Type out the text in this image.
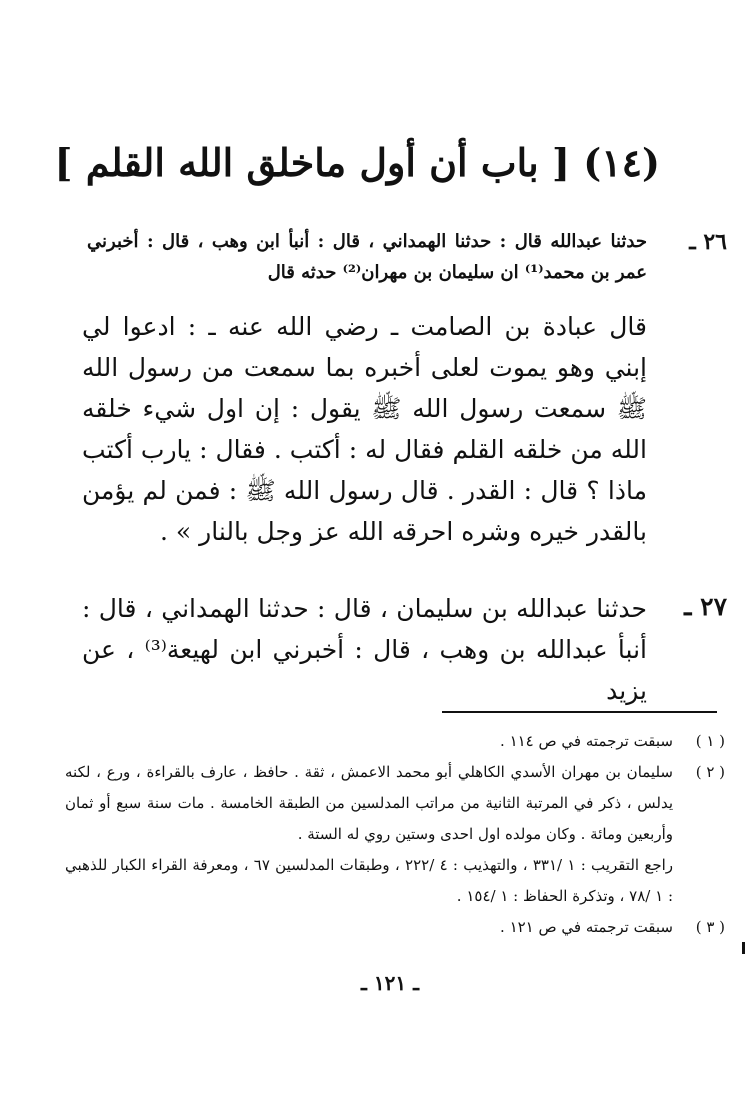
(١٤) [ باب أن أول ماخلق الله القلم ]
٢٦ ـ
حدثنا عبدالله قال : حدثنا الهمداني ، قال : أنبأ ابن وهب ، قال : أخبرني عمر بن محمد⁽¹⁾ ان سليمان بن مهران⁽²⁾ حدثه قال
قال عبادة بن الصامت ـ رضي الله عنه ـ : ادعوا لي إبني وهو يموت لعلى أخبره بما سمعت من رسول الله ﷺ سمعت رسول الله ﷺ يقول : إن اول شيء خلقه الله من خلقه القلم فقال له : أكتب . فقال : يارب أكتب ماذا ؟ قال : القدر . قال رسول الله ﷺ : فمن لم يؤمن بالقدر خيره وشره احرقه الله عز وجل بالنار » .
٢٧ ـ
حدثنا عبدالله بن سليمان ، قال : حدثنا الهمداني ، قال : أنبأ عبدالله بن وهب ، قال : أخبرني ابن لهيعة⁽³⁾ ، عن يزيد
( ١ )
سبقت ترجمته في ص ١١٤ .
( ٢ )
سليمان بن مهران الأسدي الكاهلي أبو محمد الاعمش ، ثقة . حافظ ، عارف بالقراءة ، ورع ، لكنه يدلس ، ذكر في المرتبة الثانية من مراتب المدلسين من الطبقة الخامسة . مات سنة سبع أو ثمان وأربعين ومائة . وكان مولده اول احدى وستين روي له الستة .
راجع التقريب : ١ /٣٣١ ، والتهذيب : ٤ /٢٢٢ ، وطبقات المدلسين ٦٧ ، ومعرفة القراء الكبار للذهبي : ١ /٧٨ ، وتذكرة الحفاظ : ١ /١٥٤ .
( ٣ )
سبقت ترجمته في ص ١٢١ .
ـ ١٢١ ـ
